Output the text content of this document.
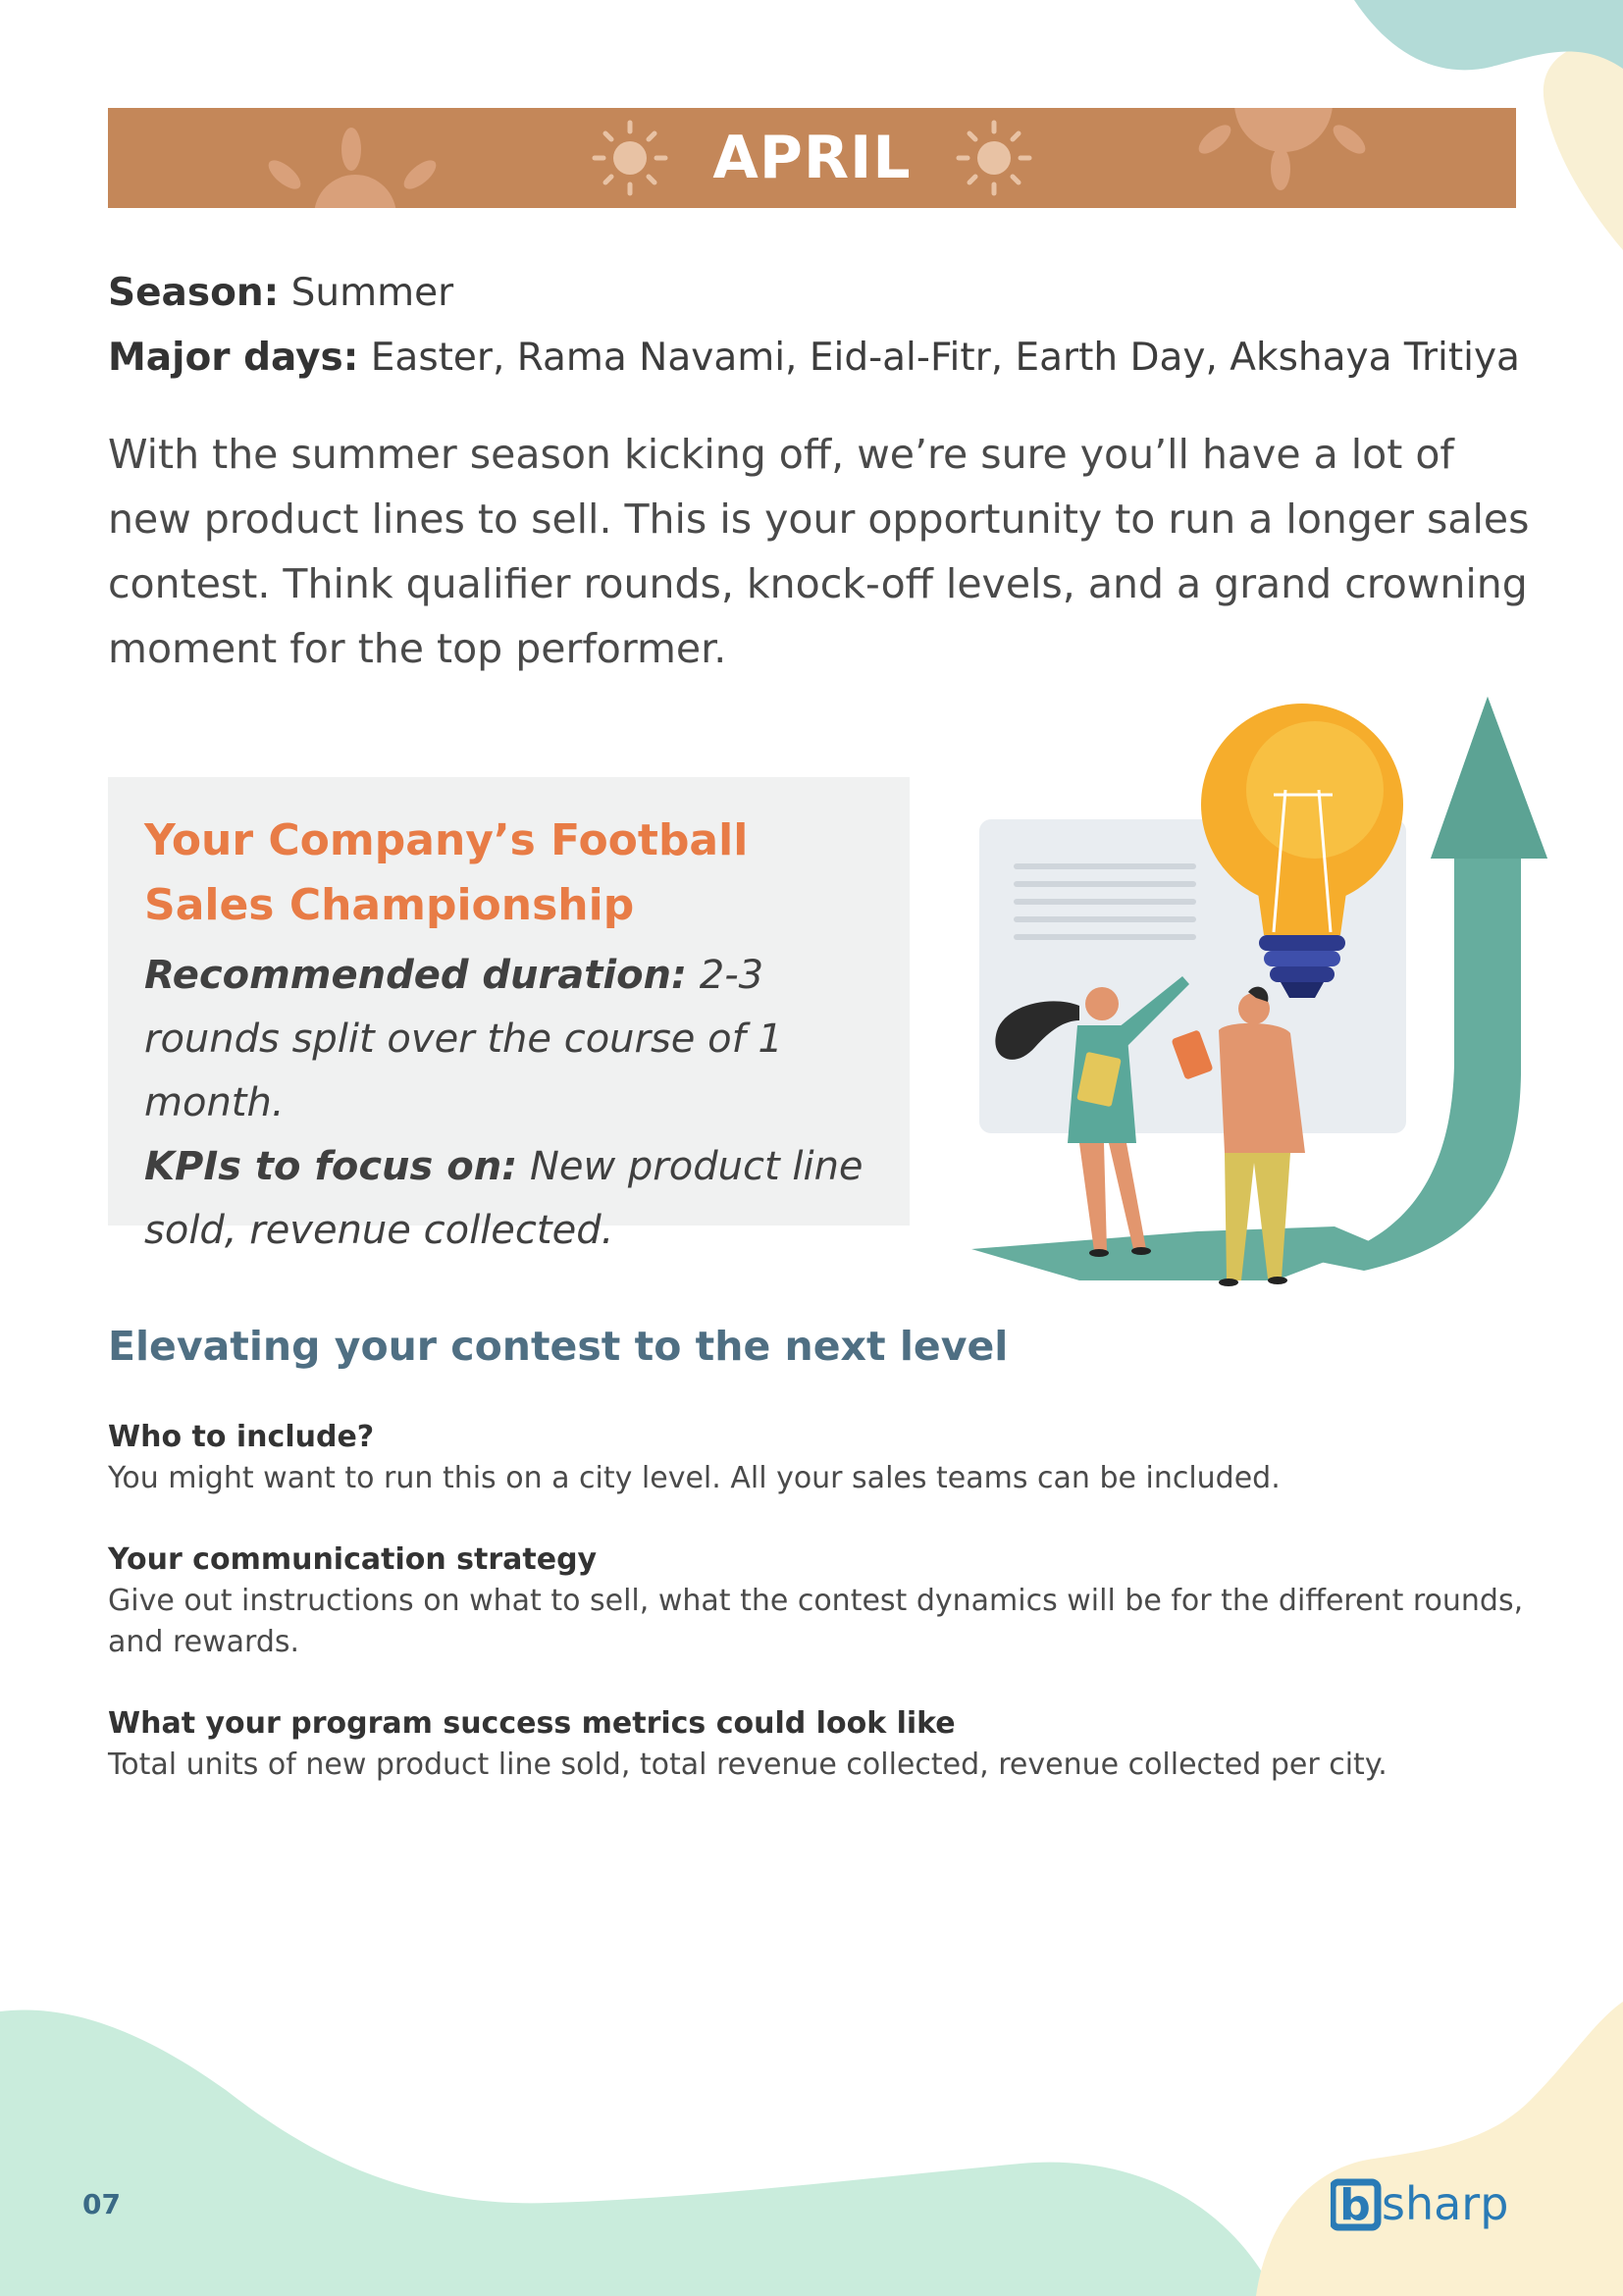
APRIL
Season: Summer
Major days: Easter, Rama Navami, Eid-al-Fitr, Earth Day, Akshaya Tritiya

With the summer season kicking off, we’re sure you’ll have a lot of new product lines to sell. This is your opportunity to run a longer sales contest. Think qualifier rounds, knock-off levels, and a grand crowning moment for the top performer.

Your Company’s Football
Sales Championship

Recommended duration: 2-3 rounds split over the course of 1 month.
KPIs to focus on: New product line sold, revenue collected.

Elevating your contest to the next level

Who to include?

You might want to run this on a city level. All your sales teams can be included.

Your communication strategy

Give out instructions on what to sell, what the contest dynamics will be for the different rounds, and rewards.

What your program success metrics could look like

Total units of new product line sold, total revenue collected, revenue collected per city.

07	b sharp
